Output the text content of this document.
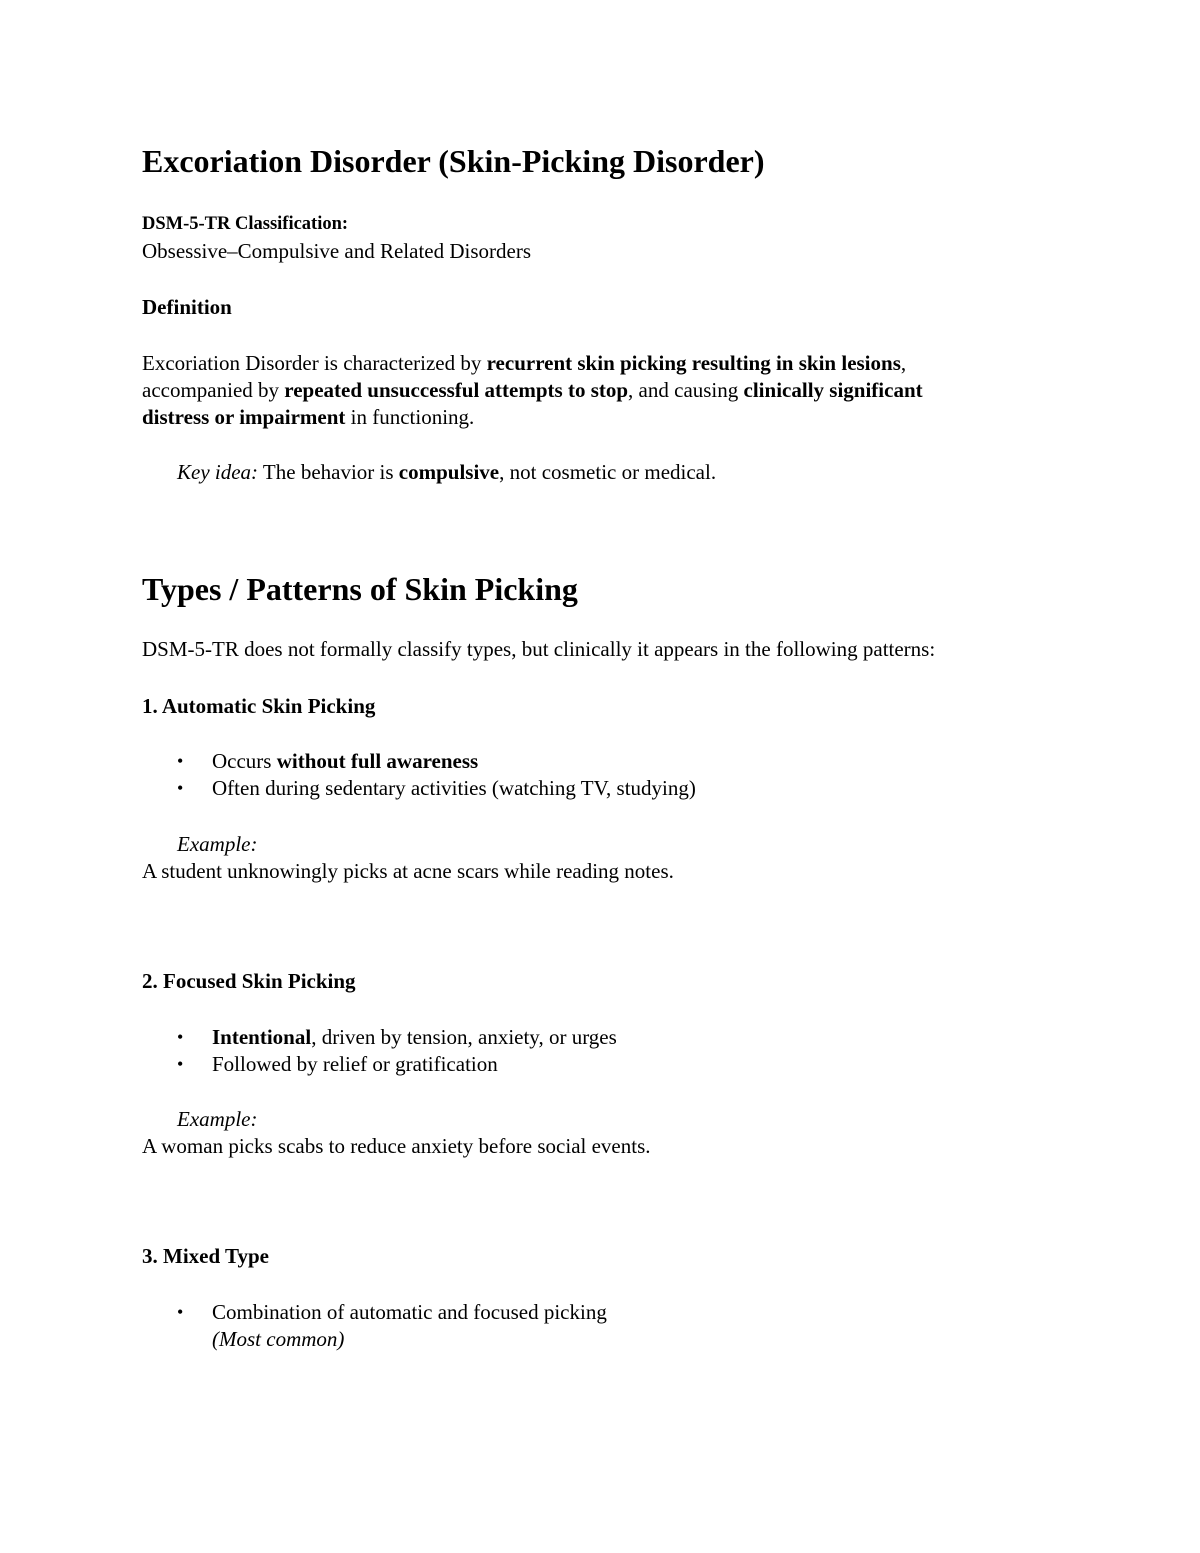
Excoriation Disorder (Skin-Picking Disorder)
DSM-5-TR Classification:
Obsessive–Compulsive and Related Disorders
Definition
Excoriation Disorder is characterized by recurrent skin picking resulting in skin lesions,
accompanied by repeated unsuccessful attempts to stop, and causing clinically significant
distress or impairment in functioning.
Key idea: The behavior is compulsive, not cosmetic or medical.
Types / Patterns of Skin Picking
DSM-5-TR does not formally classify types, but clinically it appears in the following patterns:
1. Automatic Skin Picking
• Occurs without full awareness
• Often during sedentary activities (watching TV, studying)
Example:
A student unknowingly picks at acne scars while reading notes.
2. Focused Skin Picking
• Intentional, driven by tension, anxiety, or urges
• Followed by relief or gratification
Example:
A woman picks scabs to reduce anxiety before social events.
3. Mixed Type
• Combination of automatic and focused picking
(Most common)
